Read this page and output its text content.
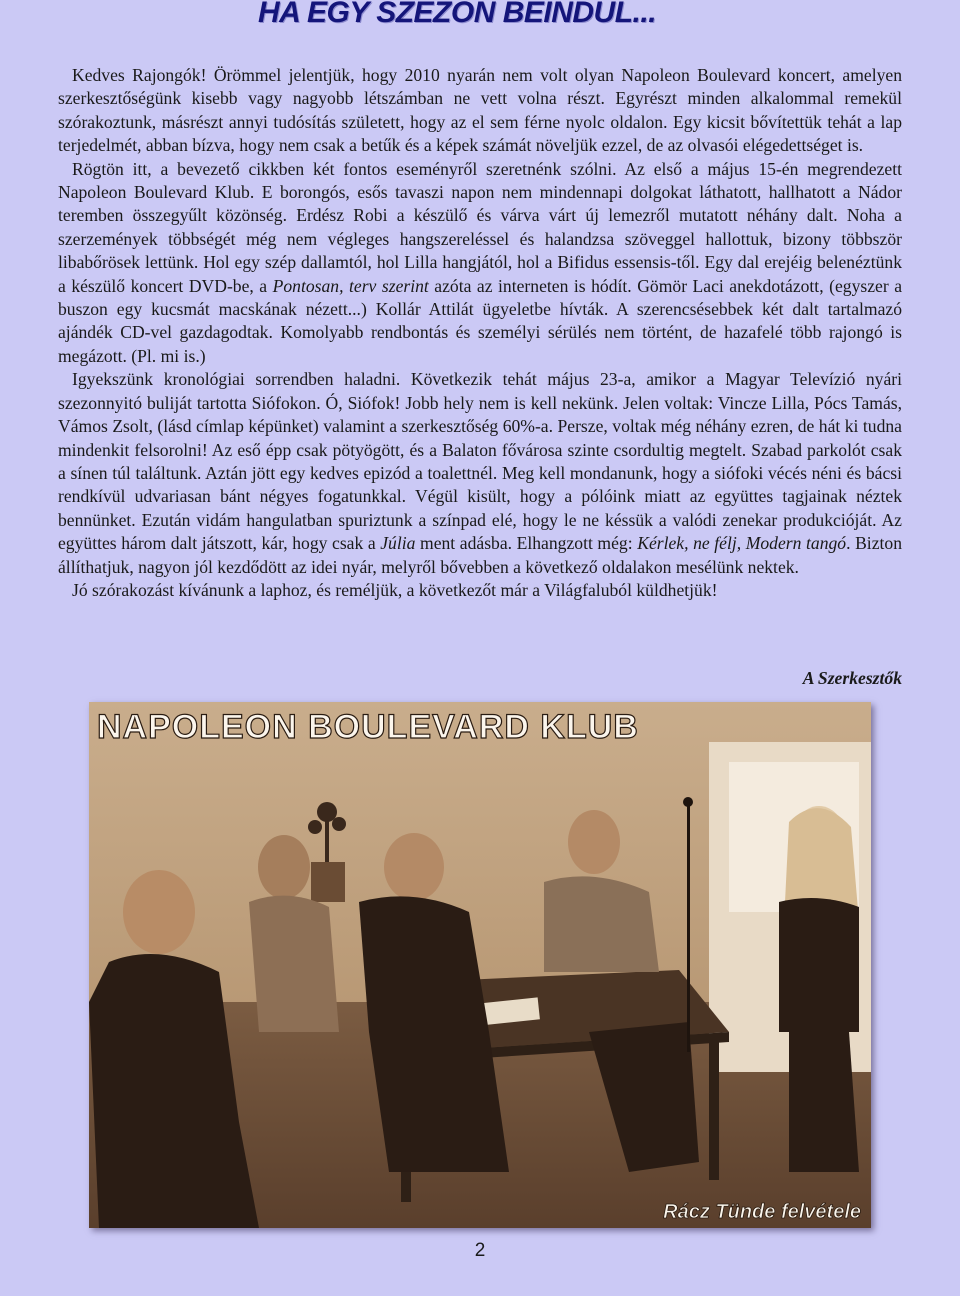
HA EGY SZEZON BEINDUL...

Kedves Rajongók! Örömmel jelentjük, hogy 2010 nyarán nem volt olyan Napoleon Boulevard koncert, amelyen szerkesztőségünk kisebb vagy nagyobb létszámban ne vett volna részt. Egyrészt minden alkalommal remekül szórakoztunk, másrészt annyi tudósítás született, hogy az el sem férne nyolc oldalon. Egy kicsit bővítettük tehát a lap terjedelmét, abban bízva, hogy nem csak a betűk és a képek számát növeljük ezzel, de az olvasói elégedettséget is.

Rögtön itt, a bevezető cikkben két fontos eseményről szeretnénk szólni. Az első a május 15-én megrendezett Napoleon Boulevard Klub. E borongós, esős tavaszi napon nem mindennapi dolgokat láthatott, hallhatott a Nádor teremben összegyűlt közönség. Erdész Robi a készülő és várva várt új lemezről mutatott néhány dalt. Noha a szerzemények többségét még nem végleges hangszereléssel és halandzsa szöveggel hallottuk, bizony többször libabőrösek lettünk. Hol egy szép dallamtól, hol Lilla hangjától, hol a Bifidus essensis-től. Egy dal erejéig belenéztünk a készülő koncert DVD-be, a Pontosan, terv szerint azóta az interneten is hódít. Gömör Laci anekdotázott, (egyszer a buszon egy kucsmát macskának nézett...) Kollár Attilát ügyeletbe hívták. A szerencsésebbek két dalt tartalmazó ajándék CD-vel gazdagodtak. Komolyabb rendbontás és személyi sérülés nem történt, de hazafelé több rajongó is megázott. (Pl. mi is.)

Igyekszünk kronológiai sorrendben haladni. Következik tehát május 23-a, amikor a Magyar Televízió nyári szezonnyitó buliját tartotta Siófokon. Ó, Siófok! Jobb hely nem is kell nekünk. Jelen voltak: Vincze Lilla, Pócs Tamás, Vámos Zsolt, (lásd címlap képünket) valamint a szerkesztőség 60%-a. Persze, voltak még néhány ezren, de hát ki tudna mindenkit felsorolni! Az eső épp csak pötyögött, és a Balaton fővárosa szinte csordultig megtelt. Szabad parkolót csak a sínen túl találtunk. Aztán jött egy kedves epizód a toalettnél. Meg kell mondanunk, hogy a siófoki vécés néni és bácsi rendkívül udvariasan bánt négyes fogatunkkal. Végül kisült, hogy a pólóink miatt az együttes tagjainak néztek bennünket. Ezután vidám hangulatban spuriztunk a színpad elé, hogy le ne késsük a valódi zenekar produkcióját. Az együttes három dalt játszott, kár, hogy csak a Júlia ment adásba. Elhangzott még: Kérlek, ne félj, Modern tangó. Bizton állíthatjuk, nagyon jól kezdődött az idei nyár, melyről bővebben a következő oldalakon mesélünk nektek.

Jó szórakozást kívánunk a laphoz, és reméljük, a következőt már a Világfaluból küldhetjük!

A Szerkesztők
NAPOLEON BOULEVARD KLUB
Rácz Tünde felvétele
2
